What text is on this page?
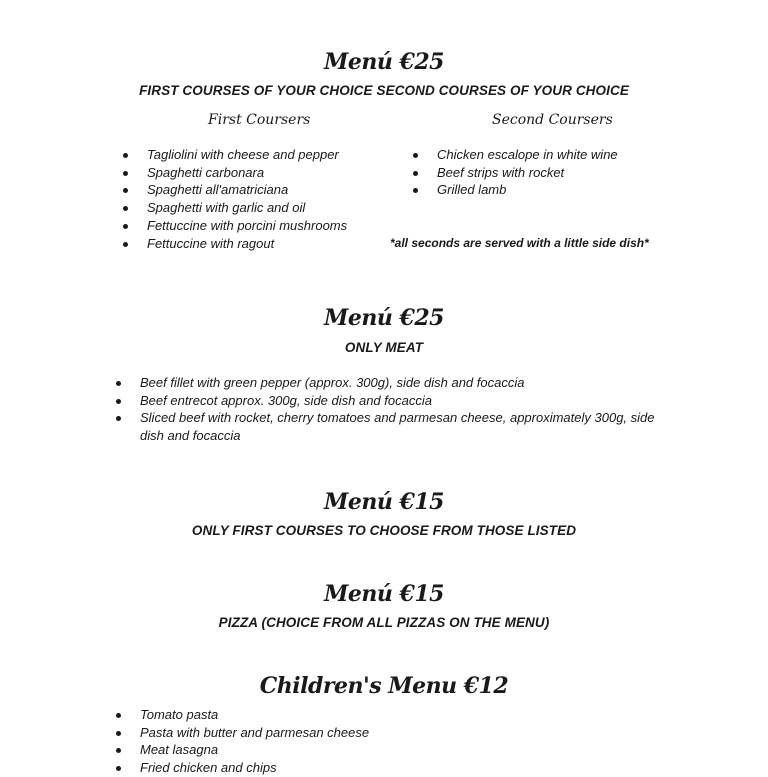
Menú €25
FIRST COURSES OF YOUR CHOICE SECOND COURSES OF YOUR CHOICE
First Coursers	Second Coursers
Tagliolini with cheese and pepper
Spaghetti carbonara
Spaghetti all'amatriciana
Spaghetti with garlic and oil
Fettuccine with porcini mushrooms
Fettuccine with ragout
Chicken escalope in white wine
Beef strips with rocket
Grilled lamb
*all seconds are served with a little side dish*
Menú €25
ONLY MEAT
Beef fillet with green pepper (approx. 300g), side dish and focaccia
Beef entrecot approx. 300g, side dish and focaccia
Sliced beef with rocket, cherry tomatoes and parmesan cheese, approximately 300g, side dish and focaccia
Menú €15
ONLY FIRST COURSES TO CHOOSE FROM THOSE LISTED
Menú €15
PIZZA (CHOICE FROM ALL PIZZAS ON THE MENU)
Children's Menu €12
Tomato pasta
Pasta with butter and parmesan cheese
Meat lasagna
Fried chicken and chips
